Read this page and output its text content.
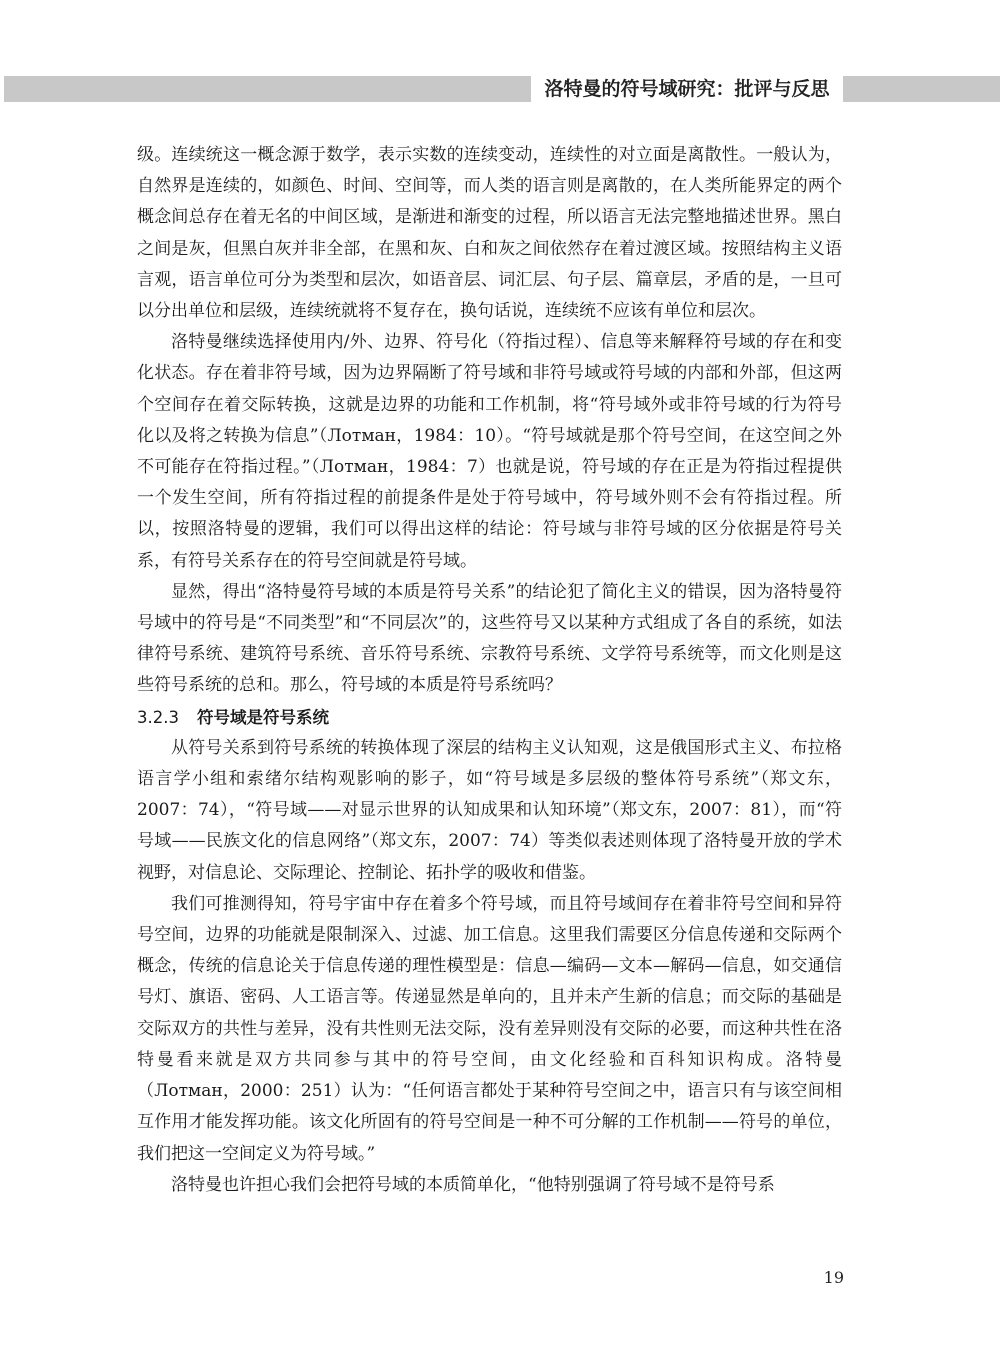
洛特曼的符号域研究：批评与反思

级。连续统这一概念源于数学，表示实数的连续变动，连续性的对立面是离散性。一般认为，自然界是连续的，如颜色、时间、空间等，而人类的语言则是离散的，在人类所能界定的两个概念间总存在着无名的中间区域，是渐进和渐变的过程，所以语言无法完整地描述世界。黑白之间是灰，但黑白灰并非全部，在黑和灰、白和灰之间依然存在着过渡区域。按照结构主义语言观，语言单位可分为类型和层次，如语音层、词汇层、句子层、篇章层，矛盾的是，一旦可以分出单位和层级，连续统就将不复存在，换句话说，连续统不应该有单位和层次。

洛特曼继续选择使用内/外、边界、符号化（符指过程）、信息等来解释符号域的存在和变化状态。存在着非符号域，因为边界隔断了符号域和非符号域或符号域的内部和外部，但这两个空间存在着交际转换，这就是边界的功能和工作机制，将“符号域外或非符号域的行为符号化以及将之转换为信息”（Лотман，1984：10）。“符号域就是那个符号空间，在这空间之外不可能存在符指过程。”（Лотман，1984：7）也就是说，符号域的存在正是为符指过程提供一个发生空间，所有符指过程的前提条件是处于符号域中，符号域外则不会有符指过程。所以，按照洛特曼的逻辑，我们可以得出这样的结论：符号域与非符号域的区分依据是符号关系，有符号关系存在的符号空间就是符号域。

显然，得出“洛特曼符号域的本质是符号关系”的结论犯了简化主义的错误，因为洛特曼符号域中的符号是“不同类型”和“不同层次”的，这些符号又以某种方式组成了各自的系统，如法律符号系统、建筑符号系统、音乐符号系统、宗教符号系统、文学符号系统等，而文化则是这些符号系统的总和。那么，符号域的本质是符号系统吗？

3.2.3 符号域是符号系统

从符号关系到符号系统的转换体现了深层的结构主义认知观，这是俄国形式主义、布拉格语言学小组和索绪尔结构观影响的影子，如“符号域是多层级的整体符号系统”（郑文东，2007：74），“符号域——对显示世界的认知成果和认知环境”（郑文东，2007：81），而“符号域——民族文化的信息网络”（郑文东，2007：74）等类似表述则体现了洛特曼开放的学术视野，对信息论、交际理论、控制论、拓扑学的吸收和借鉴。

我们可推测得知，符号宇宙中存在着多个符号域，而且符号域间存在着非符号空间和异符号空间，边界的功能就是限制深入、过滤、加工信息。这里我们需要区分信息传递和交际两个概念，传统的信息论关于信息传递的理性模型是：信息—编码—文本—解码—信息，如交通信号灯、旗语、密码、人工语言等。传递显然是单向的，且并未产生新的信息；而交际的基础是交际双方的共性与差异，没有共性则无法交际，没有差异则没有交际的必要，而这种共性在洛特曼看来就是双方共同参与其中的符号空间，由文化经验和百科知识构成。洛特曼（Лотман，2000：251）认为：“任何语言都处于某种符号空间之中，语言只有与该空间相互作用才能发挥功能。该文化所固有的符号空间是一种不可分解的工作机制——符号的单位，我们把这一空间定义为符号域。”

洛特曼也许担心我们会把符号域的本质简单化，“他特别强调了符号域不是符号系

19
